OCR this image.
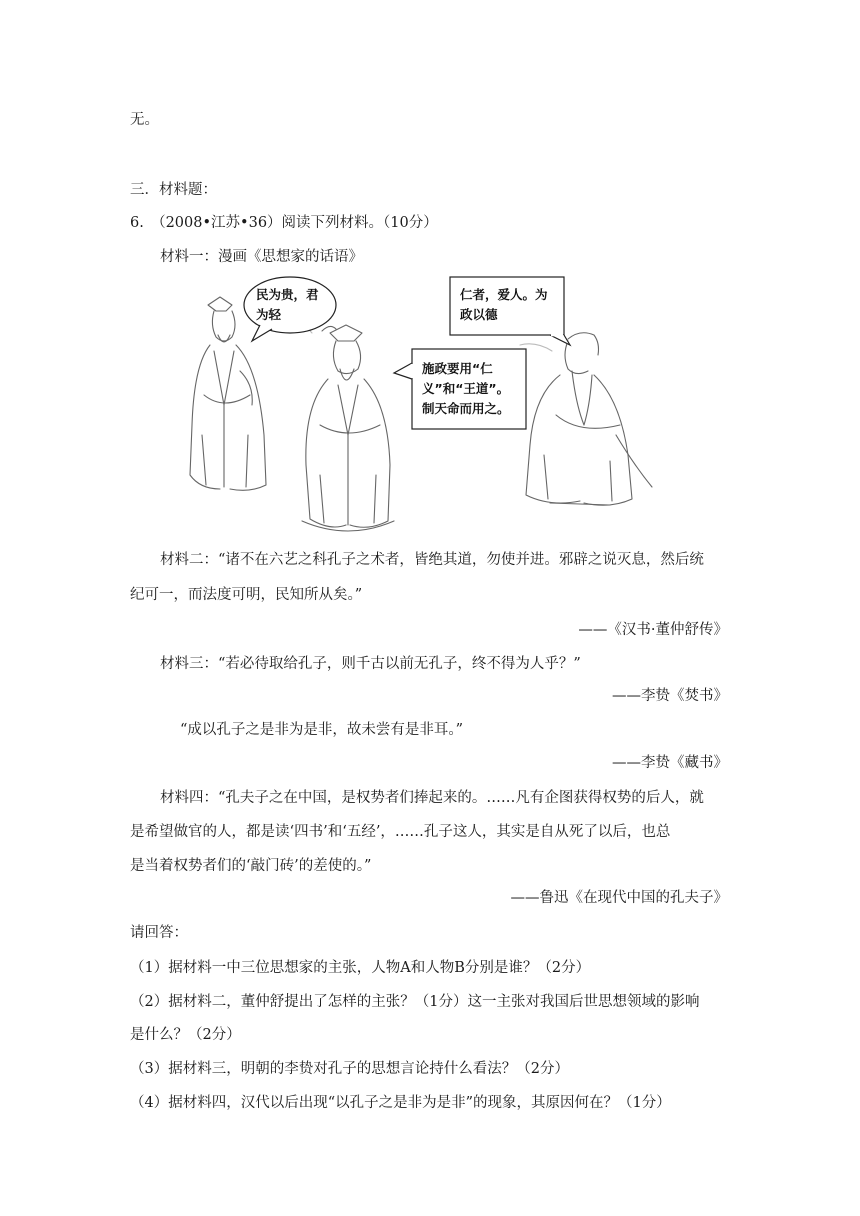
无。
三．材料题：
6.　（2008•江苏•36）阅读下列材料。（10分）
材料一：漫画《思想家的话语》
民为贵，君为轻
施政要用“仁义”和“王道”。制天命而用之。
仁者，爱人。为政以德
材料二：“诸不在六艺之科孔子之术者，皆绝其道，勿使并进。邪辟之说灭息，然后统
纪可一，而法度可明，民知所从矣。”
——《汉书·董仲舒传》
材料三：“若必待取给孔子，则千古以前无孔子，终不得为人乎？”
——李贽《焚书》
“成以孔子之是非为是非，故未尝有是非耳。”
——李贽《藏书》
材料四：“孔夫子之在中国，是权势者们捧起来的。……凡有企图获得权势的后人，就
是希望做官的人，都是读‘四书’和‘五经’，……孔子这人，其实是自从死了以后，也总
是当着权势者们的‘敲门砖’的差使的。”
——鲁迅《在现代中国的孔夫子》
请回答：
（1）据材料一中三位思想家的主张，人物A和人物B分别是谁？（2分）
（2）据材料二，董仲舒提出了怎样的主张？（1分）这一主张对我国后世思想领域的影响
是什么？（2分）
（3）据材料三，明朝的李贽对孔子的思想言论持什么看法？（2分）
（4）据材料四，汉代以后出现“以孔子之是非为是非”的现象，其原因何在？（1分）
